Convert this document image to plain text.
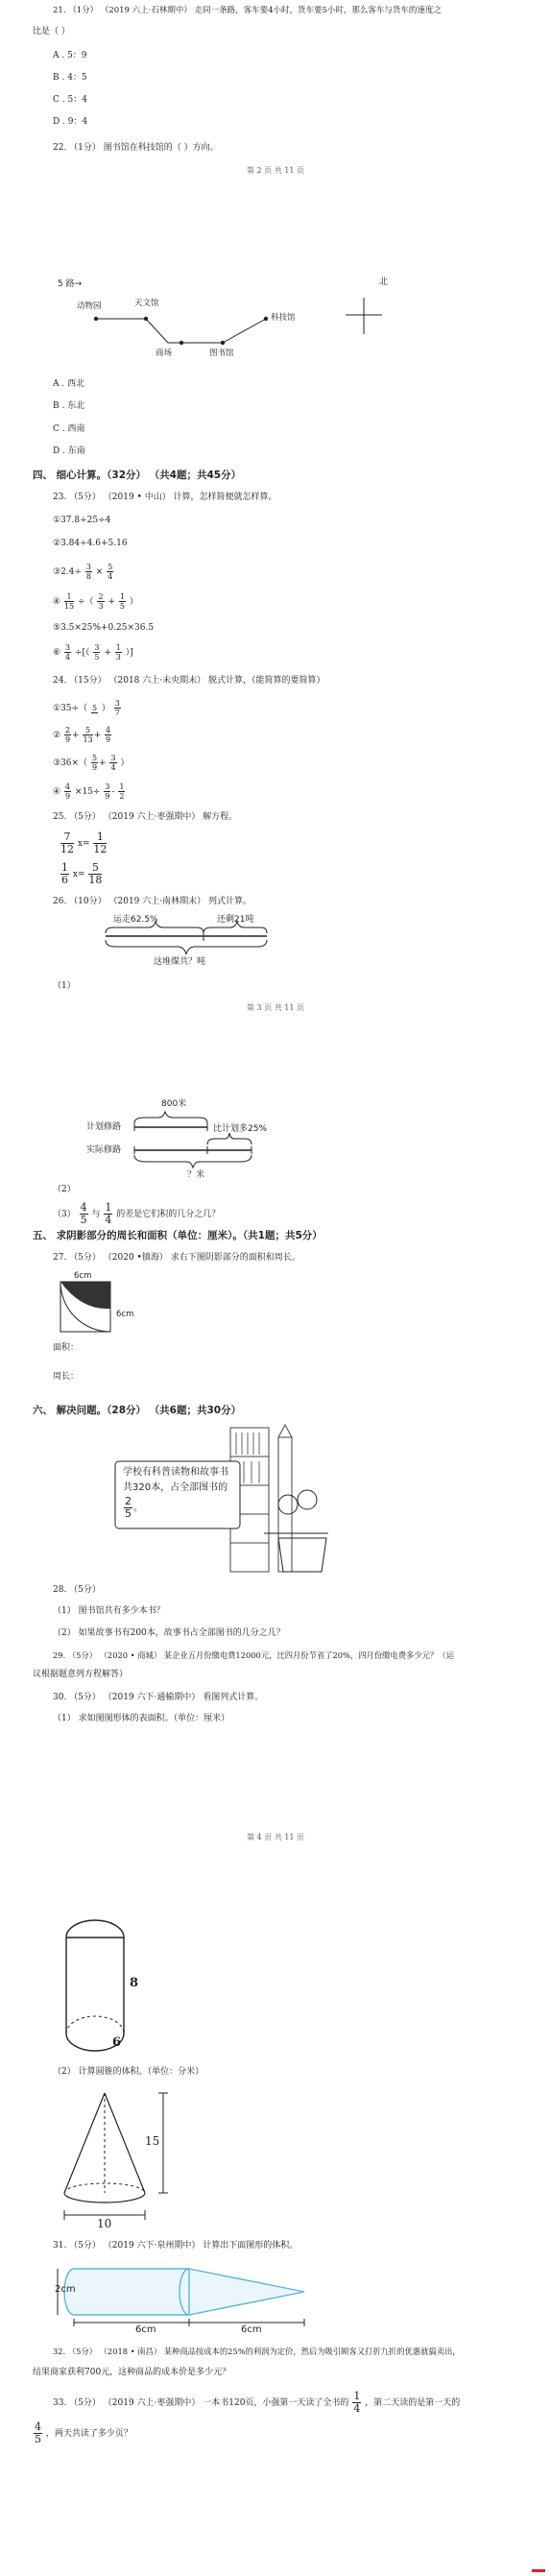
21. （1分） （2019 六上·石林期中） 走同一条路，客车要4小时，货车要5小时，那么客车与货车的速度之
比是（ ）
A . 5：9
B . 4：5
C . 5：4
D . 9：4
22. （1分） 图书馆在科技馆的（ ）方向。
第 2 页 共 11 页
5 路→	北
动物园	天文馆
商场	图书馆
科技馆
A . 西北
B . 东北
C . 西南
D . 东南
四、 细心计算。（32分） （共4题；共45分）
23. （5分） （2019 • 中山） 计算，怎样简便就怎样算。
①37.8÷25÷4
②3.84÷4.6+5.16
③2.4÷ $\frac{3}{8} \times \frac{5}{4}$
④ $\frac{1}{15}$ ÷（ $\frac{2}{3} + \frac{1}{5}$ ）
⑤3.5×25%+0.25×36.5
⑥ $\frac{3}{4}$ ÷[（ $\frac{3}{5} + \frac{1}{3}$ ）]
24. （15分） （2018 六上·未央期末） 脱式计算，（能简算的要简算）
①35÷（ 5 ） $\frac{3}{7}$
② $\frac{2}{9} + \frac{5}{13} + \frac{4}{9}$
③36×（ $\frac{5}{9} + \frac{3}{4}$ ）
④ $\frac{4}{9} \times 15\div \frac{3}{9} - \frac{1}{2}$
25. （5分） （2019 六上·枣强期中） 解方程。
$\frac{7}{12} x= \frac{1}{12}$
$\frac{1}{6} x= \frac{5}{18}$
26. （10分） （2019 六上·南林期末） 列式计算。
运走62.5%	还剩21吨
这堆煤共？吨
（1）
第 3 页 共 11 页
800米
计划修路	比计划多25%
实际修路
？米
（2）
$(3) \frac{4}{5}$ 与 $\frac{1}{4}$ 的差是它们积的几分之几？
五、 求阴影部分的周长和面积（单位：厘米）。（共1题；共5分）
27. （5分） （2020 •镇海） 求右下图阴影部分的面积和周长。
6cm
6cm
面积：
周长：
六、 解决问题。（28分） （共6题；共30分）
学校有科普读物和故事书共320本，占全部图书的
$\frac{2}{5}$ 。
28. （5分）
（1） 图书馆共有多少本书？
（2） 如果故事书有200本，故事书占全部图书的几分之几？
29. （5分） （2020 • 商城） 某企业五月份缴电费12000元，比四月份节省了20%，四月份缴电费多少元？（运
议根据题意列方程解答）
30. （5分） （2019 六下·通榆期中） 看图列式计算。
（1） 求如图图形体的表面积。（单位：厘米）
第 4 页 共 11 页
8
6
（2） 计算圆锥的体积。（单位：分米）
15
10
31. （5分） （2019 六下·泉州期中） 计算出下面图形的体积。
2cm
6cm	6cm
32. （5分） （2018 • 南昌） 某种商品按成本的25%的利润为定价，然后为吸引顾客又打折九折的优惠就搞卖出，
结果商家获利700元，这种商品的成本价是多少元？
33. （5分） （2019 六上·枣强期中） 一本书120页，小强第一天读了全书的 $\frac{1}{4}$ ，第二天读的是第一天的
$\frac{4}{5}$ ，两天共读了多少页？
